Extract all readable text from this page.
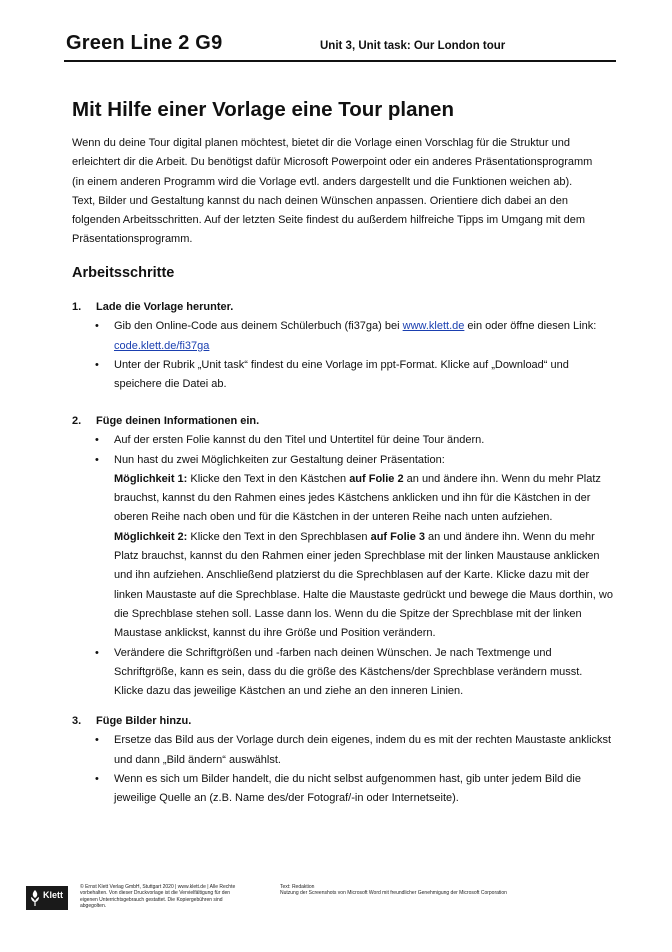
Green Line 2 G9	Unit 3, Unit task: Our London tour
Mit Hilfe einer Vorlage eine Tour planen

Wenn du deine Tour digital planen möchtest, bietet dir die Vorlage einen Vorschlag für die Struktur und

erleichtert dir die Arbeit. Du benötigst dafür Microsoft Powerpoint oder ein anderes Präsentationsprogramm

(in einem anderen Programm wird die Vorlage evtl. anders dargestellt und die Funktionen weichen ab).

Text, Bilder und Gestaltung kannst du nach deinen Wünschen anpassen. Orientiere dich dabei an den

folgenden Arbeitsschritten. Auf der letzten Seite findest du außerdem hilfreiche Tipps im Umgang mit dem

Präsentationsprogramm.

Arbeitsschritte
1. Lade die Vorlage herunter.
• Gib den Online-Code aus deinem Schülerbuch (fi37ga) bei www.klett.de ein oder öffne diesen Link:
code.klett.de/fi37ga
• Unter der Rubrik „Unit task“ findest du eine Vorlage im ppt-Format. Klicke auf „Download“ und
speichere die Datei ab.
2. Füge deinen Informationen ein.
• Auf der ersten Folie kannst du den Titel und Untertitel für deine Tour ändern.
• Nun hast du zwei Möglichkeiten zur Gestaltung deiner Präsentation:
Möglichkeit 1: Klicke den Text in den Kästchen auf Folie 2 an und ändere ihn. Wenn du mehr Platz
brauchst, kannst du den Rahmen eines jedes Kästchens anklicken und ihn für die Kästchen in der
oberen Reihe nach oben und für die Kästchen in der unteren Reihe nach unten aufziehen.
Möglichkeit 2: Klicke den Text in den Sprechblasen auf Folie 3 an und ändere ihn. Wenn du mehr
Platz brauchst, kannst du den Rahmen einer jeden Sprechblase mit der linken Maustause anklicken
und ihn aufziehen. Anschließend platzierst du die Sprechblasen auf der Karte. Klicke dazu mit der
linken Maustaste auf die Sprechblase. Halte die Maustaste gedrückt und bewege die Maus dorthin, wo
die Sprechblase stehen soll. Lasse dann los. Wenn du die Spitze der Sprechblase mit der linken
Maustase anklickst, kannst du ihre Größe und Position verändern.
• Verändere die Schriftgrößen und -farben nach deinen Wünschen. Je nach Textmenge und
Schriftgröße, kann es sein, dass du die größe des Kästchens/der Sprechblase verändern musst.
Klicke dazu das jeweilige Kästchen an und ziehe an den inneren Linien.
3. Füge Bilder hinzu.
• Ersetze das Bild aus der Vorlage durch dein eigenes, indem du es mit der rechten Maustaste anklickst
und dann „Bild ändern“ auswählst.
• Wenn es sich um Bilder handelt, die du nicht selbst aufgenommen hast, gib unter jedem Bild die
jeweilige Quelle an (z.B. Name des/der Fotograf/-in oder Internetseite).
Klett
© Ernst Klett Verlag GmbH, Stuttgart 2020 | www.klett.de | Alle Rechte
vorbehalten. Von dieser Druckvorlage ist die Vervielfältigung für den
eigenen Unterrichtsgebrauch gestattet. Die Kopiergebühren sind
abgegolten.
Text: Redaktion
Nutzung der Screenshots von Microsoft Word mit freundlicher Genehmigung der Microsoft Corporation
